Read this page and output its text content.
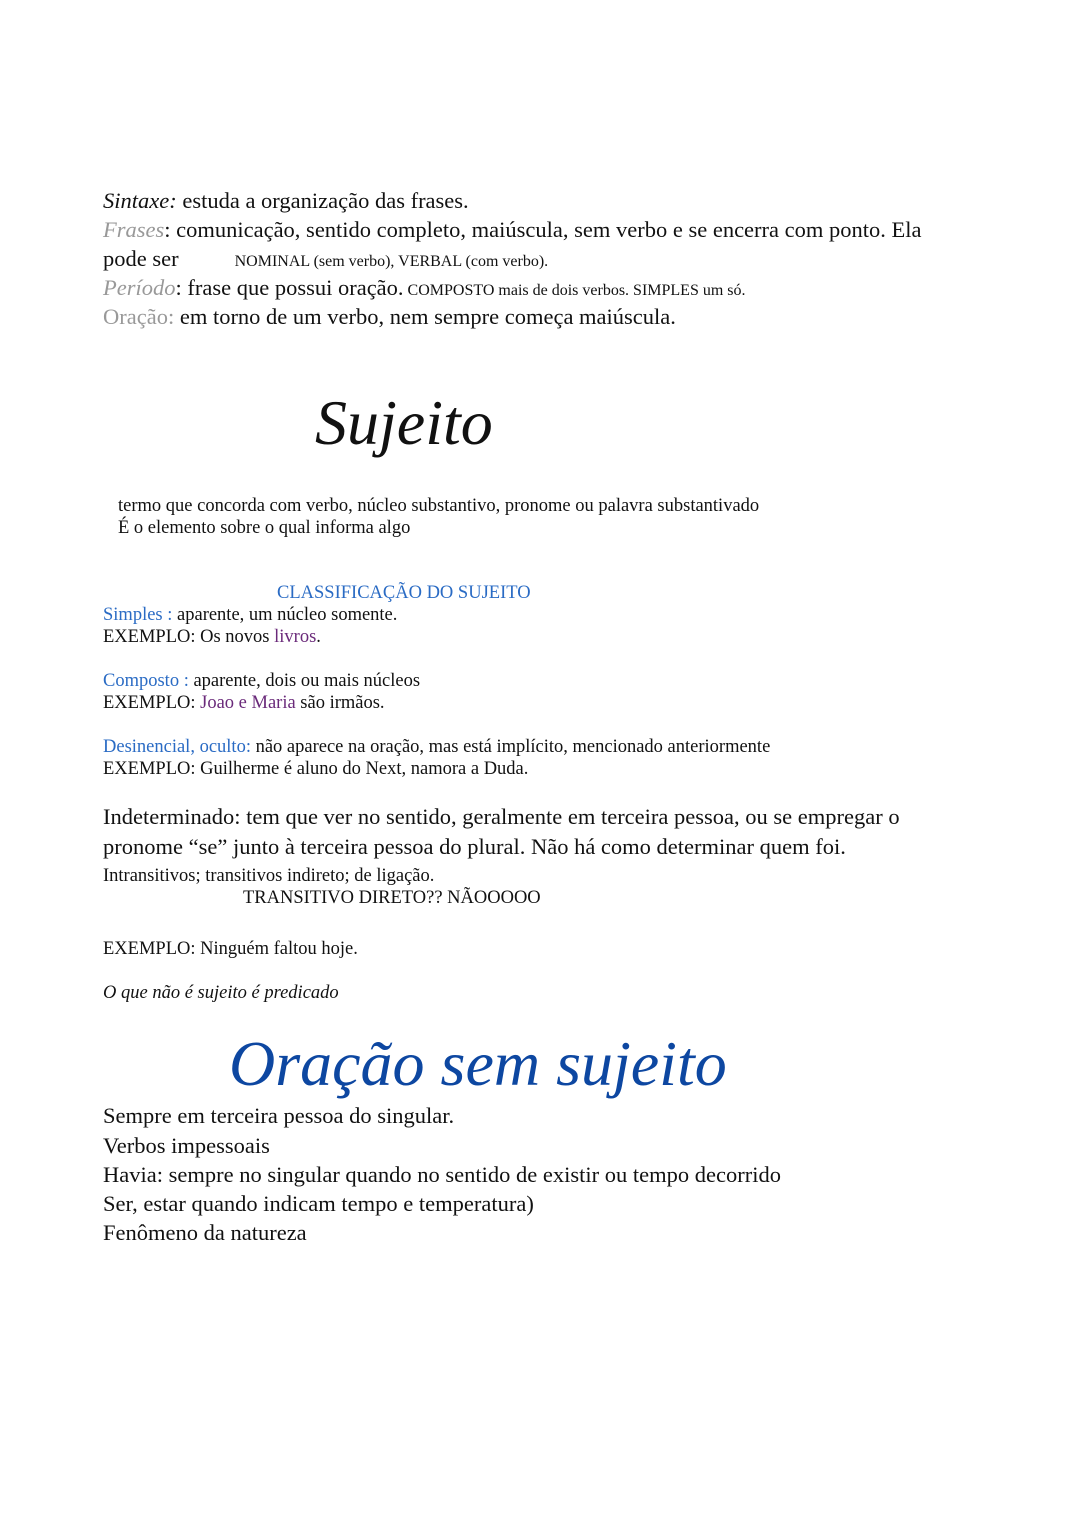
Sintaxe: estuda a organização das frases.
Frases: comunicação, sentido completo, maiúscula, sem verbo e se encerra com ponto. Ela
pode ser	NOMINAL (sem verbo), VERBAL (com verbo).
Período: frase que possui oração. COMPOSTO mais de dois verbos. SIMPLES um só.
Oração: em torno de um verbo, nem sempre começa maiúscula.
Sujeito
termo que concorda com verbo, núcleo substantivo, pronome ou palavra substantivado
É o elemento sobre o qual informa algo
CLASSIFICAÇÃO DO SUJEITO
Simples : aparente, um núcleo somente.
EXEMPLO: Os novos livros.
Composto : aparente, dois ou mais núcleos
EXEMPLO: Joao e Maria são irmãos.
Desinencial, oculto: não aparece na oração, mas está implícito, mencionado anteriormente
EXEMPLO: Guilherme é aluno do Next, namora a Duda.
Indeterminado: tem que ver no sentido, geralmente em terceira pessoa, ou se empregar o
pronome “se” junto à terceira pessoa do plural. Não há como determinar quem foi.
Intransitivos; transitivos indireto; de ligação.
TRANSITIVO DIRETO?? NÃOOOOO
EXEMPLO: Ninguém faltou hoje.
O que não é sujeito é predicado
Oração sem sujeito
Sempre em terceira pessoa do singular.
Verbos impessoais
Havia: sempre no singular quando no sentido de existir ou tempo decorrido
Ser, estar quando indicam tempo e temperatura)
Fenômeno da natureza
